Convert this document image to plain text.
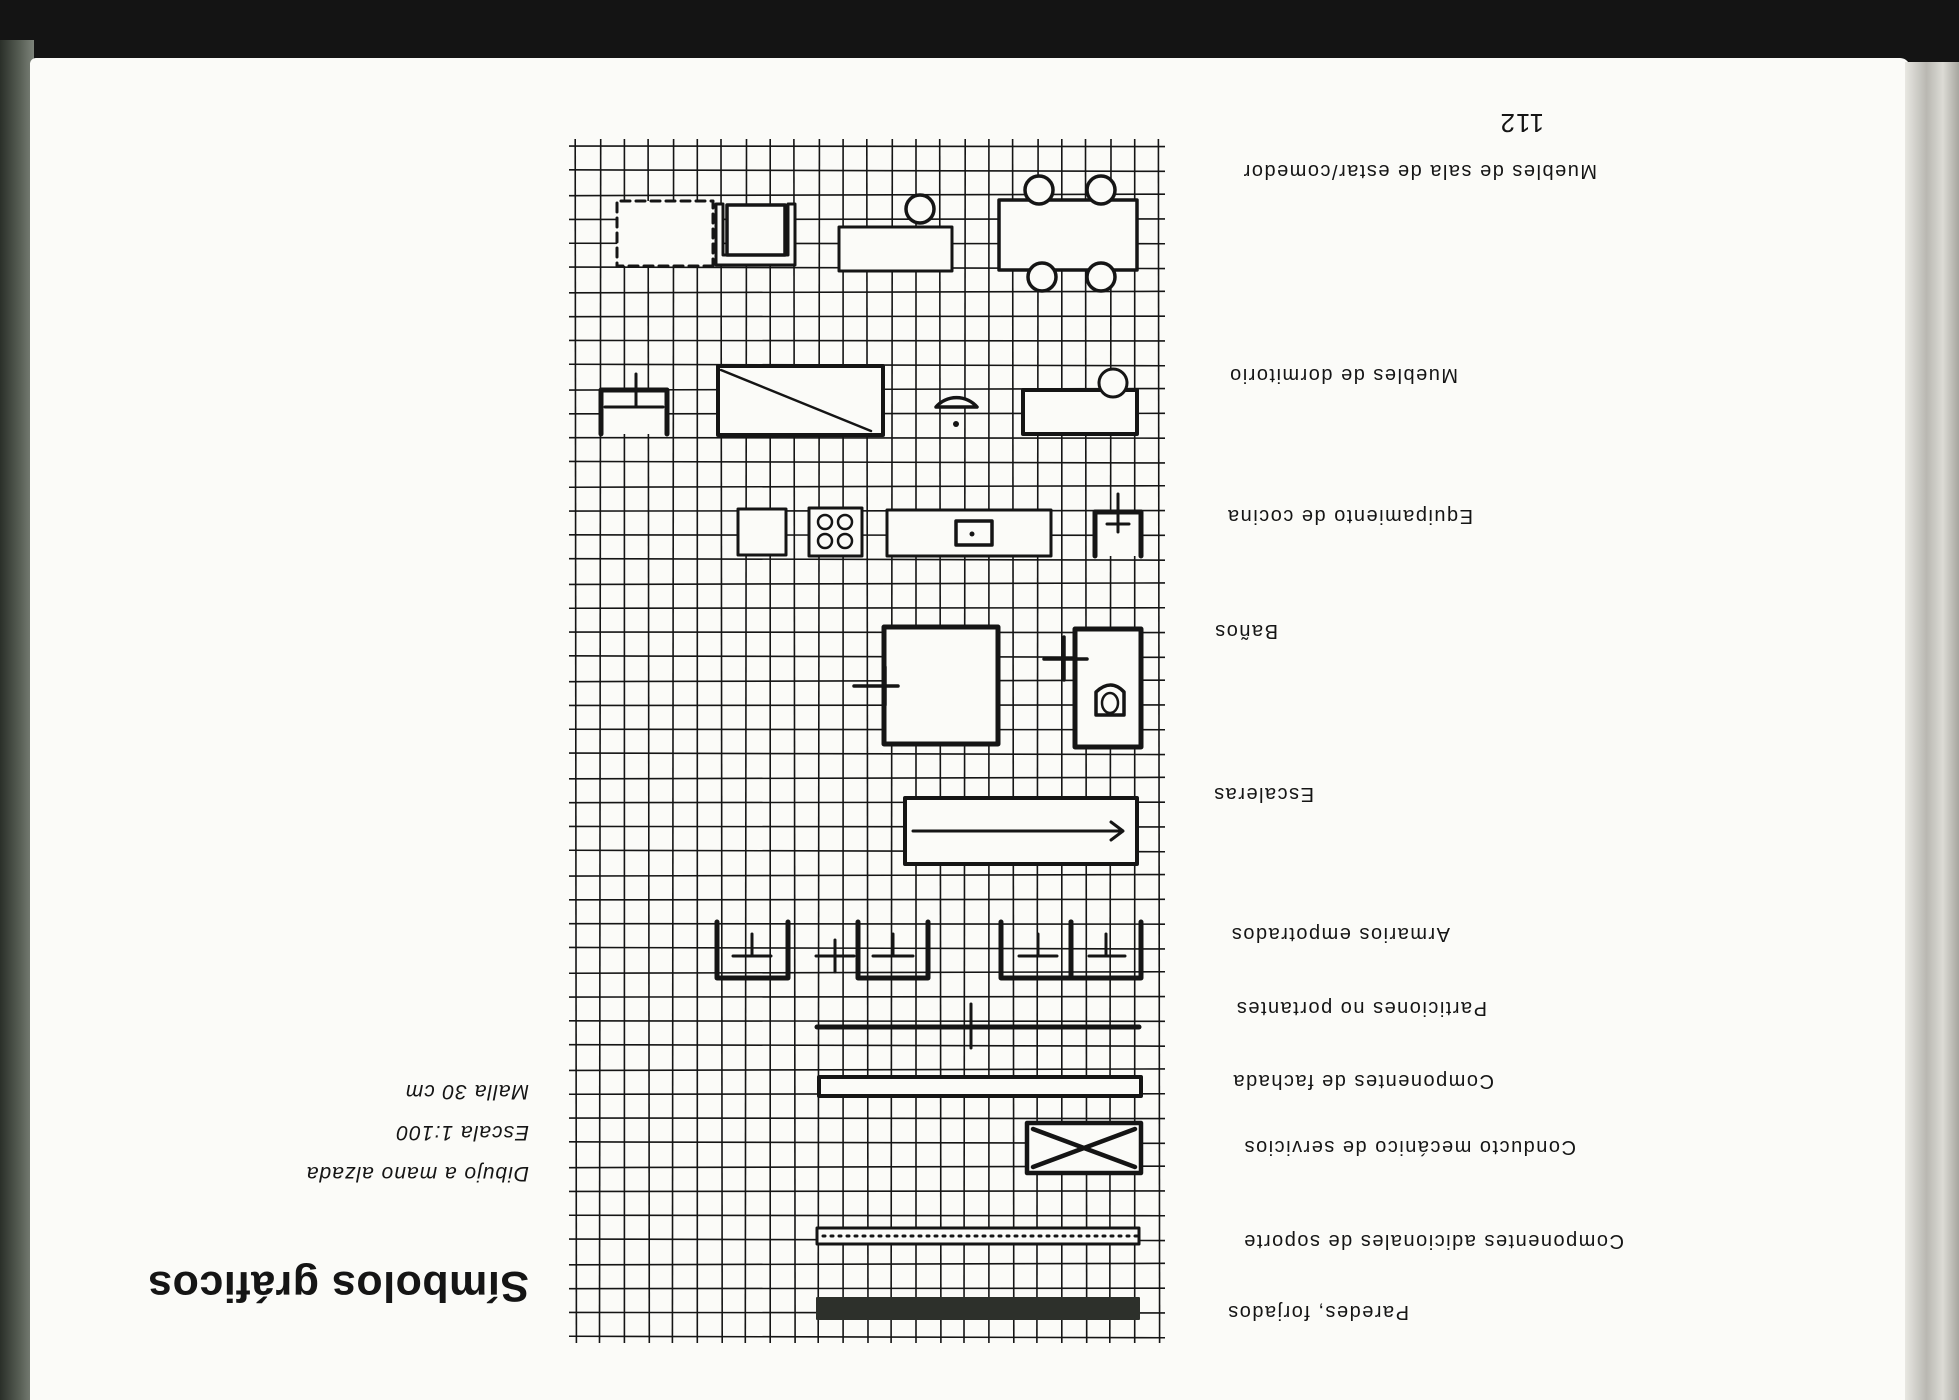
112
Símbolos gráficos
Dibujo a mano alzada
Escala 1:100
Malla 30 cm
Paredes, forjados
Componentes adicionales de soporte
Conducto mecánico de servicios
Componentes de fachada
Particiones no portantes
Armarios empotrados
Escaleras
Baños
Equipamiento de cocina
Muebles de dormitorio
Muebles de sala de estar/comedor
